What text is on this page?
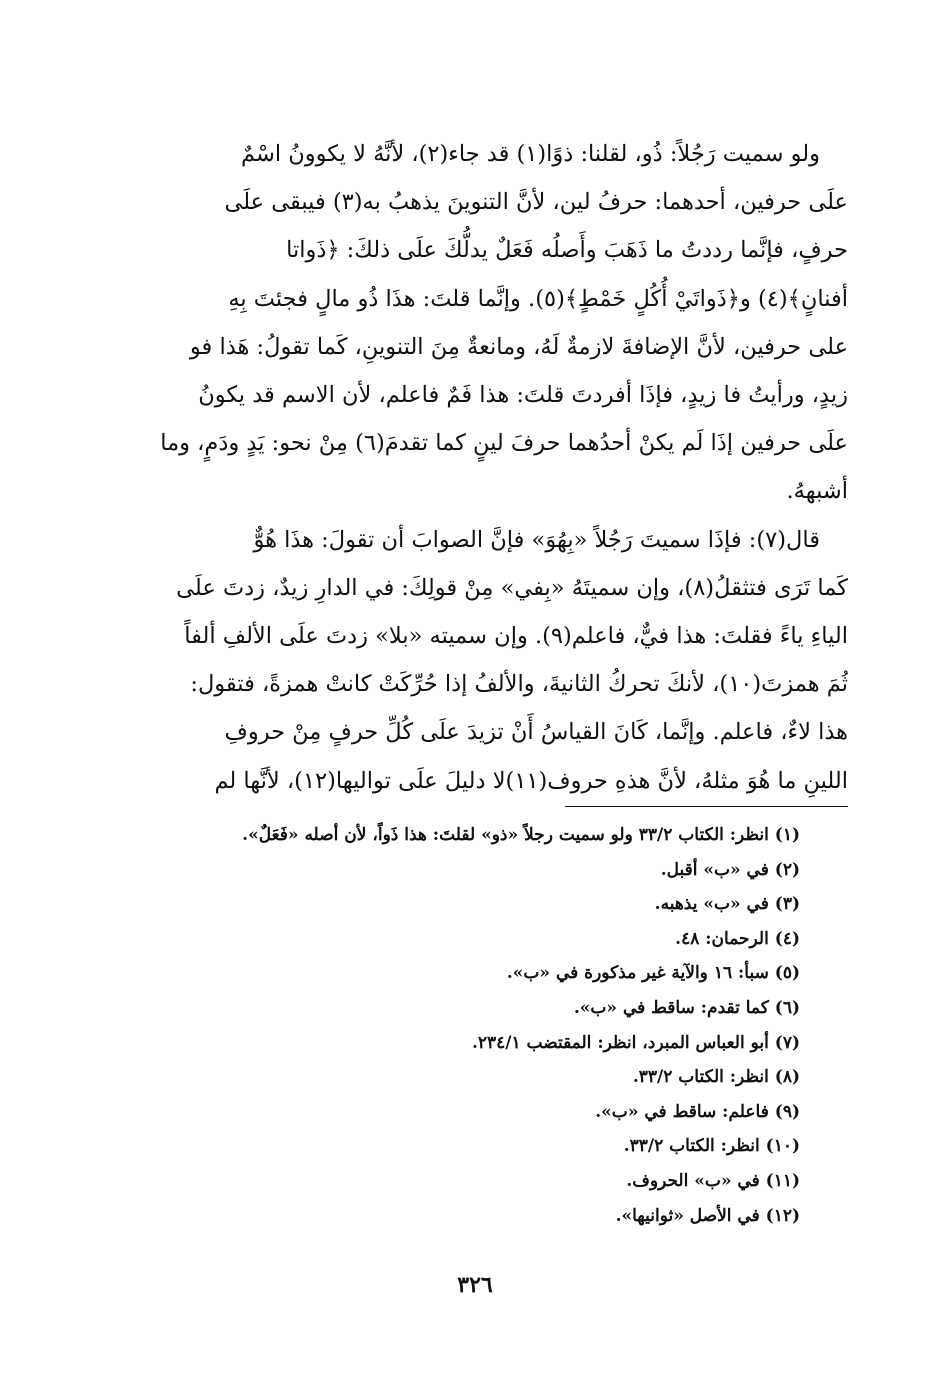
ولو سميت رَجُلاً: ذُو، لقلنا: ذوًا(١) قد جاء(٢)، لأنَّهُ لا يكوونُ اسْمٌ
علَى حرفين، أحدهما: حرفُ لين، لأنَّ التنوينَ يذهبُ به(٣) فيبقى علَى
حرفٍ، فإنَّما رددتُ ما ذَهَبَ وأَصلُه فَعَلٌ يدلُّكَ علَى ذلكَ: ﴿ذَواتا
أفنانٍ﴾(٤) و﴿ذَواتَيْ أُكُلٍ خَمْطٍ﴾(٥). وإنَّما قلتَ: هذَا ذُو مالٍ فجئتَ بِهِ
على حرفين، لأنَّ الإضافةَ لازمةٌ لَهُ، ومانعةٌ مِنَ التنوينِ، كَما تقولُ: هَذا فو
زيدٍ، ورأيتُ فا زيدٍ، فإذَا أفردتَ قلتَ: هذا فَمٌ فاعلم، لأن الاسم قد يكونُ
علَى حرفين إذَا لَم يكنْ أحدُهما حرفَ لينٍ كما تقدمَ(٦) مِنْ نحو: يَدٍ ودَمٍ، وما
أشبههُ.
قال(٧): فإذَا سميتَ رَجُلاً «بِهُوَ» فإنَّ الصوابَ أن تقولَ: هذَا هُوٌّ
كَما تَرَى فتثقلُ(٨)، وإن سميتَهُ «بِفي» مِنْ قولِكَ: في الدارِ زيدٌ، زدتَ علَى
الياءِ ياءً فقلتَ: هذا فيٌّ، فاعلم(٩). وإن سميته «بلا» زدتَ علَى الألفِ ألفاً
ثُمَ همزتَ(١٠)، لأنكَ تحركُ الثانيةَ، والألفُ إذا حُرِّكَتْ كانتْ همزةً، فتقول:
هذا لاءٌ، فاعلم. وإنَّما، كَانَ القياسُ أَنْ تزيدَ علَى كُلِّ حرفٍ مِنْ حروفِ
اللينِ ما هُوَ مثلهُ، لأنَّ هذهِ حروف(١١)لا دليلَ علَى تواليها(١٢)، لأنَّها لم
(١) انظر: الكتاب ٣٣/٢ ولو سميت رجلاً «ذو» لقلتَ: هذا ذَواً، لأن أصله «فَعَلٌ».
(٢) في «ب» أقبل.
(٣) في «ب» يذهبه.
(٤) الرحمان: ٤٨.
(٥) سبأ: ١٦ والآية غير مذكورة في «ب».
(٦) كما تقدم: ساقط في «ب».
(٧) أبو العباس المبرد، انظر: المقتضب ٢٣٤/١.
(٨) انظر: الكتاب ٣٣/٢.
(٩) فاعلم: ساقط في «ب».
(١٠) انظر: الكتاب ٣٣/٢.
(١١) في «ب» الحروف.
(١٢) في الأصل «ثوانيها».
٣٢٦
